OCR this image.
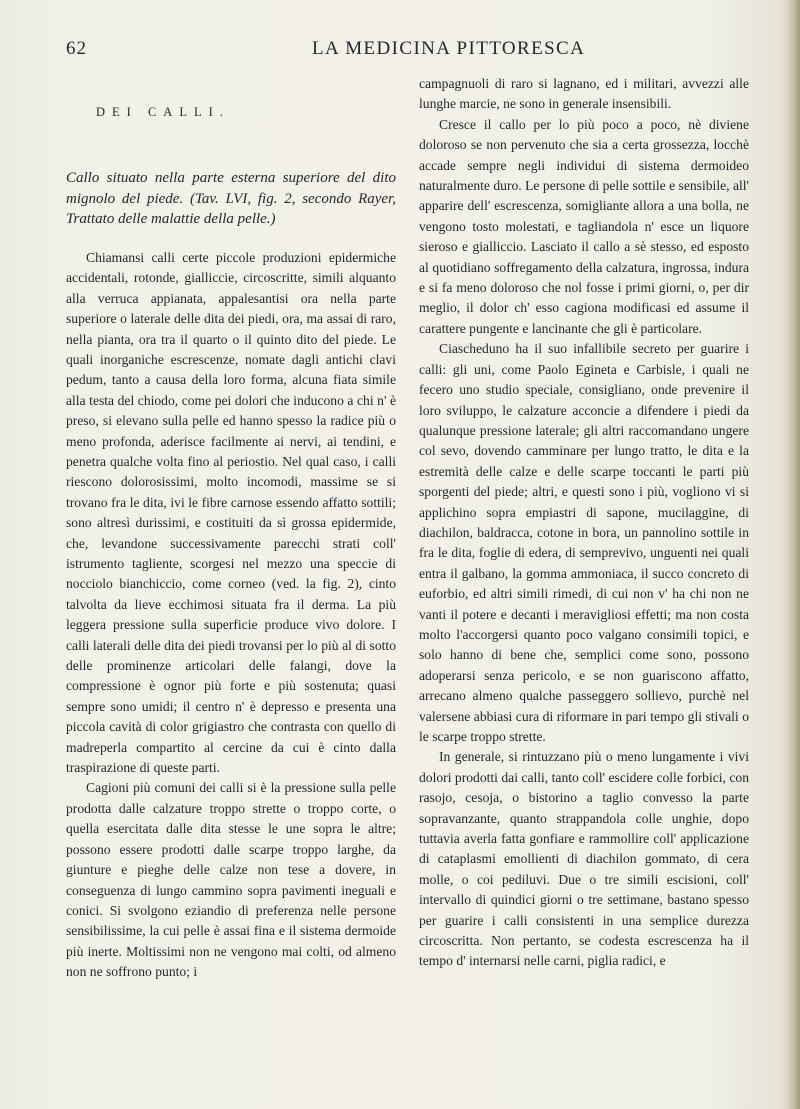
62	LA MEDICINA PITTORESCA
DEI CALLI.
Callo situato nella parte esterna superiore del dito mignolo del piede. (Tav. LVI, fig. 2, secondo Rayer, Trattato delle malattie della pelle.)

Chiamansi calli certe piccole produzioni epidermiche accidentali, rotonde, gialliccie, circoscritte, simili alquanto alla verruca appianata, appalesantisi ora nella parte superiore o laterale delle dita dei piedi, ora, ma assai di raro, nella pianta, ora tra il quarto o il quinto dito del piede. Le quali inorganiche escrescenze, nomate dagli antichi clavi pedum, tanto a causa della loro forma, alcuna fiata simile alla testa del chiodo, come pei dolori che inducono a chi n' è preso, si elevano sulla pelle ed hanno spesso la radice più o meno profonda, aderisce facilmente ai nervi, ai tendini, e penetra qualche volta fino al periostio. Nel qual caso, i calli riescono dolorosissimi, molto incomodi, massime se si trovano fra le dita, ivi le fibre carnose essendo affatto sottili; sono altresì durissimi, e costituiti da sì grossa epidermide, che, levandone successivamente parecchi strati coll' istrumento tagliente, scorgesi nel mezzo una speccie di nocciolo bianchiccio, come corneo (ved. la fig. 2), cinto talvolta da lieve ecchimosi situata fra il derma. La più leggera pressione sulla superficie produce vivo dolore. I calli laterali delle dita dei piedi trovansi per lo più al di sotto delle prominenze articolari delle falangi, dove la compressione è ognor più forte e più sostenuta; quasi sempre sono umidi; il centro n' è depresso e presenta una piccola cavità di color grigiastro che contrasta con quello di madreperla compartito al cercine da cui è cinto dalla traspirazione di queste parti.

Cagioni più comuni dei calli si è la pressione sulla pelle prodotta dalle calzature troppo strette o troppo corte, o quella esercitata dalle dita stesse le une sopra le altre; possono essere prodotti dalle scarpe troppo larghe, da giunture e pieghe delle calze non tese a dovere, in conseguenza di lungo cammino sopra pavimenti ineguali e conici. Si svolgono eziandio di preferenza nelle persone sensibilissime, la cui pelle è assai fina e il sistema dermoide più inerte. Moltissimi non ne vengono mai colti, od almeno non ne soffrono punto; i

campagnuoli di raro si lagnano, ed i militari, avvezzi alle lunghe marcie, ne sono in generale insensibili.

Cresce il callo per lo più poco a poco, nè diviene doloroso se non pervenuto che sia a certa grossezza, locchè accade sempre negli individui di sistema dermoideo naturalmente duro. Le persone di pelle sottile e sensibile, all' apparire dell' escrescenza, somigliante allora a una bolla, ne vengono tosto molestati, e tagliandola n' esce un liquore sieroso e gialliccio. Lasciato il callo a sè stesso, ed esposto al quotidiano soffregamento della calzatura, ingrossa, indura e si fa meno doloroso che nol fosse i primi giorni, o, per dir meglio, il dolor ch' esso cagiona modificasi ed assume il carattere pungente e lancinante che gli è particolare.

Ciascheduno ha il suo infallibile secreto per guarire i calli: gli uni, come Paolo Egineta e Carbisle, i quali ne fecero uno studio speciale, consigliano, onde prevenire il loro sviluppo, le calzature acconcie a difendere i piedi da qualunque pressione laterale; gli altri raccomandano ungere col sevo, dovendo camminare per lungo tratto, le dita e la estremità delle calze e delle scarpe toccanti le parti più sporgenti del piede; altri, e questi sono i più, vogliono vi si applichino sopra empiastri di sapone, mucilaggine, di diachilon, baldracca, cotone in bora, un pannolino sottile in fra le dita, foglie di edera, di semprevivo, unguenti nei quali entra il galbano, la gomma ammoniaca, il succo concreto di euforbio, ed altri simili rimedi, di cui non v' ha chi non ne vanti il potere e decanti i meravigliosi effetti; ma non costa molto l'accorgersi quanto poco valgano consimili topici, e solo hanno di bene che, semplici come sono, possono adoperarsi senza pericolo, e se non guariscono affatto, arrecano almeno qualche passeggero sollievo, purchè nel valersene abbiasi cura di riformare in pari tempo gli stivali o le scarpe troppo strette.

In generale, si rintuzzano più o meno lungamente i vivi dolori prodotti dai calli, tanto coll' escidere colle forbici, con rasojo, cesoja, o bistorino a taglio convesso la parte sopravanzante, quanto strappandola colle unghie, dopo tuttavia averla fatta gonfiare e rammollire coll' applicazione di cataplasmi emollienti di diachilon gommato, di cera molle, o coi pediluvi. Due o tre simili escisioni, coll' intervallo di quindici giorni o tre settimane, bastano spesso per guarire i calli consistenti in una semplice durezza circoscritta. Non pertanto, se codesta escrescenza ha il tempo d' internarsi nelle carni, piglia radici, e
